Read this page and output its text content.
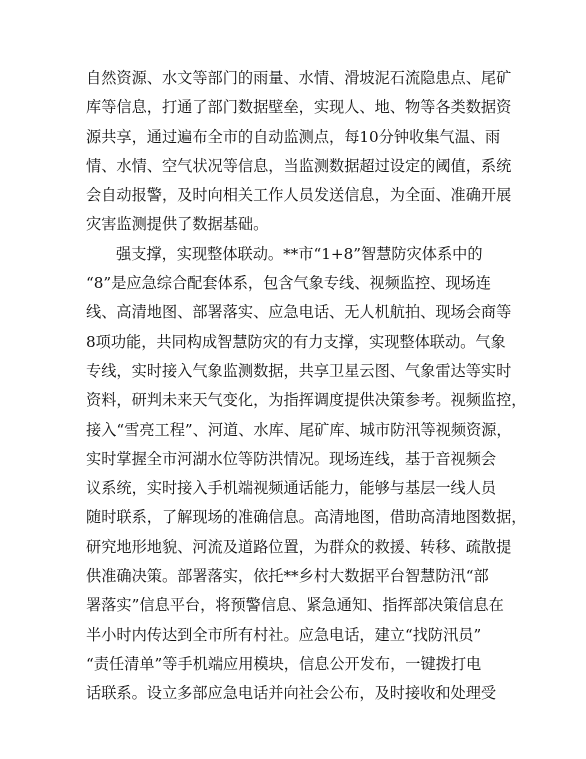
自然资源、水文等部门的雨量、水情、滑坡泥石流隐患点、尾矿
库等信息，打通了部门数据壁垒，实现人、地、物等各类数据资
源共享，通过遍布全市的自动监测点，每10分钟收集气温、雨
情、水情、空气状况等信息，当监测数据超过设定的阈值，系统
会自动报警，及时向相关工作人员发送信息，为全面、准确开展
灾害监测提供了数据基础。
强支撑，实现整体联动。**市“1+8”智慧防灾体系中的
“8”是应急综合配套体系，包含气象专线、视频监控、现场连
线、高清地图、部署落实、应急电话、无人机航拍、现场会商等
8项功能，共同构成智慧防灾的有力支撑，实现整体联动。气象
专线，实时接入气象监测数据，共享卫星云图、气象雷达等实时
资料，研判未来天气变化，为指挥调度提供决策参考。视频监控，
接入“雪亮工程”、河道、水库、尾矿库、城市防汛等视频资源，
实时掌握全市河湖水位等防洪情况。现场连线，基于音视频会
议系统，实时接入手机端视频通话能力，能够与基层一线人员
随时联系，了解现场的准确信息。高清地图，借助高清地图数据，
研究地形地貌、河流及道路位置，为群众的救援、转移、疏散提
供准确决策。部署落实，依托**乡村大数据平台智慧防汛“部
署落实”信息平台，将预警信息、紧急通知、指挥部决策信息在
半小时内传达到全市所有村社。应急电话，建立“找防汛员”
“责任清单”等手机端应用模块，信息公开发布，一键拨打电
话联系。设立多部应急电话并向社会公布，及时接收和处理受
